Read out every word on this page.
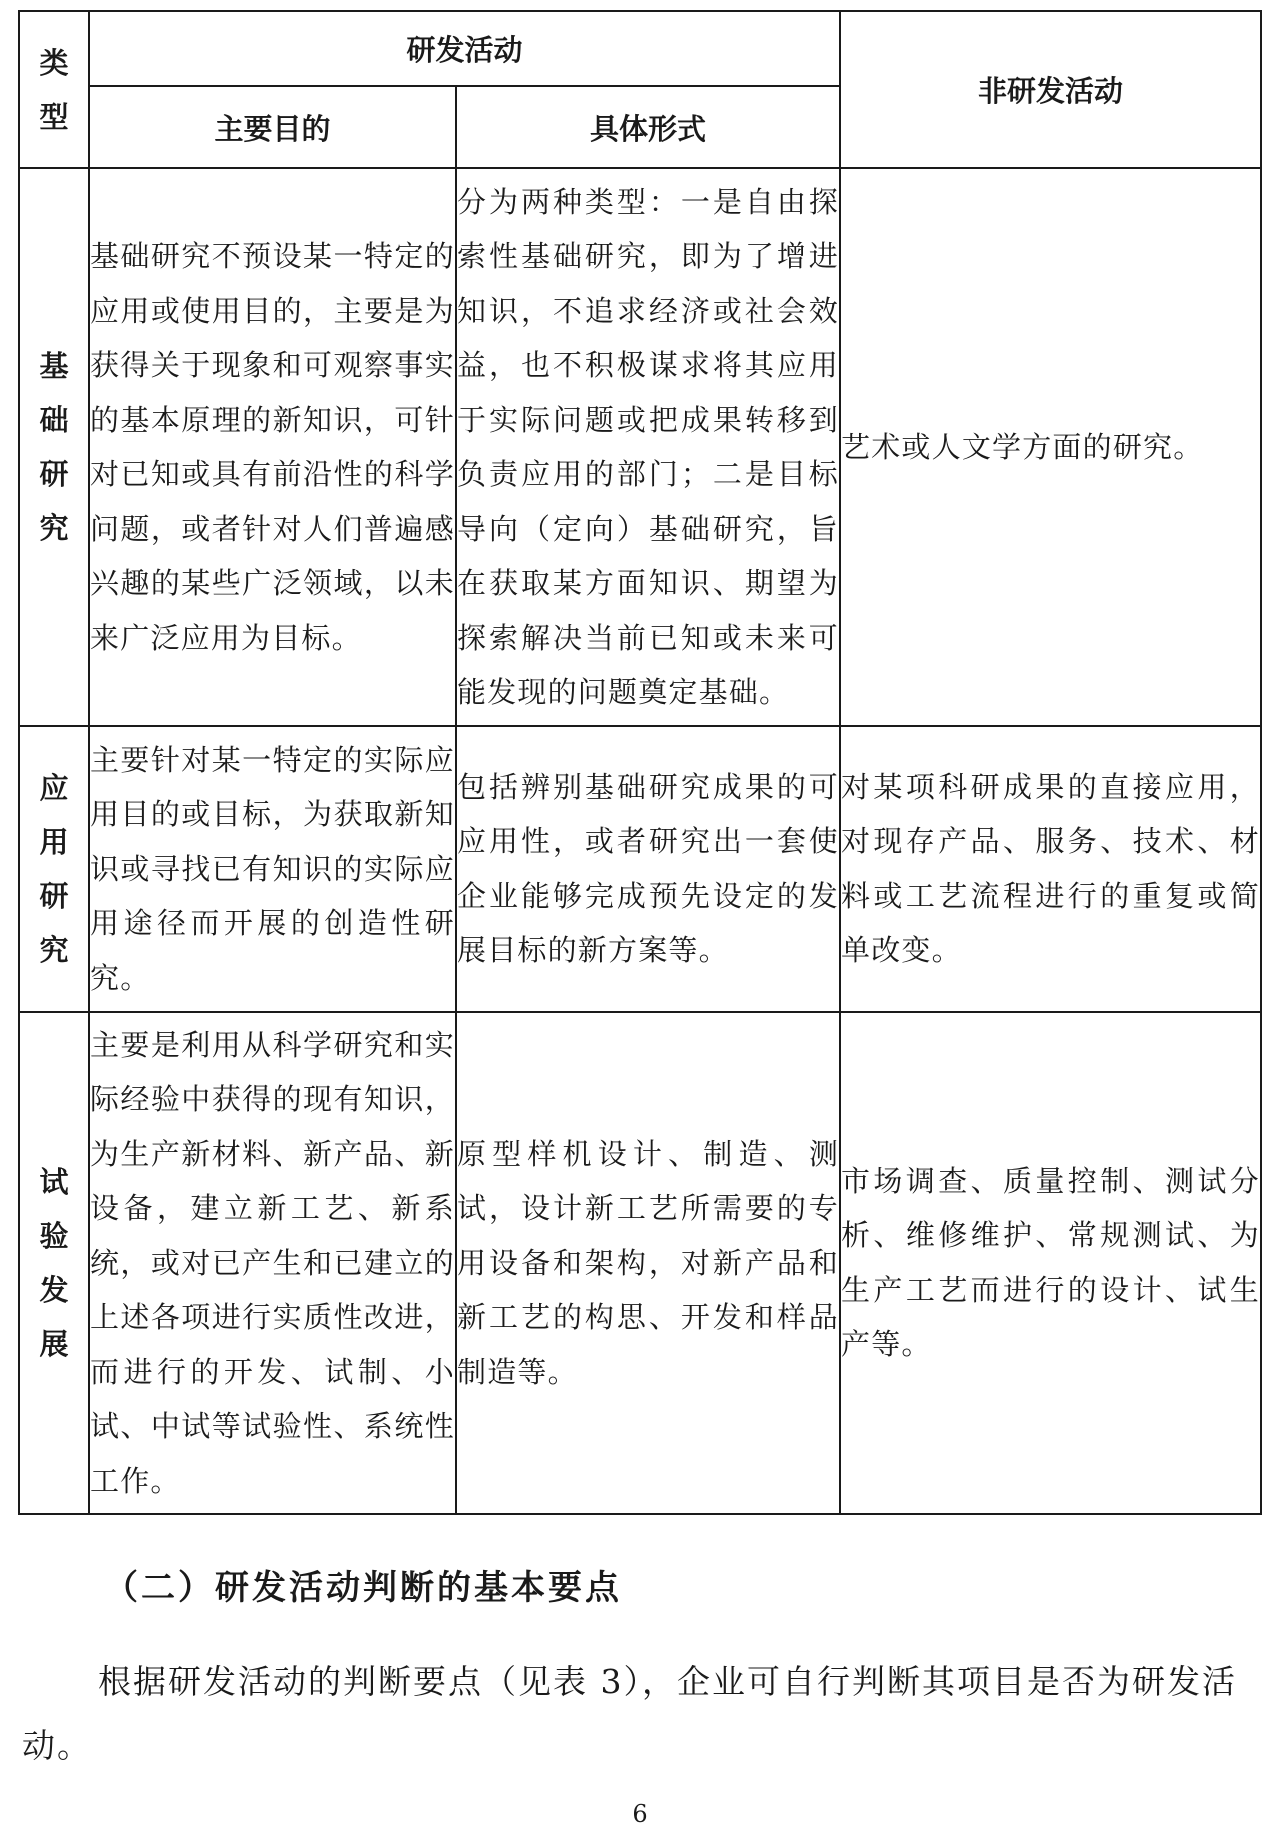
类型	研发活动		非研发活动
	主要目的	具体形式	
基础研究	基础研究不预设某一特定的应用或使用目的，主要是为获得关于现象和可观察事实的基本原理的新知识，可针对已知或具有前沿性的科学问题，或者针对人们普遍感兴趣的某些广泛领域，以未来广泛应用为目标。	分为两种类型：一是自由探索性基础研究，即为了增进知识，不追求经济或社会效益，也不积极谋求将其应用于实际问题或把成果转移到负责应用的部门；二是目标导向（定向）基础研究，旨在获取某方面知识、期望为探索解决当前已知或未来可能发现的问题奠定基础。	艺术或人文学方面的研究。
应用研究	主要针对某一特定的实际应用目的或目标，为获取新知识或寻找已有知识的实际应用途径而开展的创造性研究。	包括辨别基础研究成果的可应用性，或者研究出一套使企业能够完成预先设定的发展目标的新方案等。	对某项科研成果的直接应用，对现存产品、服务、技术、材料或工艺流程进行的重复或简单改变。
试验发展	主要是利用从科学研究和实际经验中获得的现有知识，为生产新材料、新产品、新设备，建立新工艺、新系统，或对已产生和已建立的上述各项进行实质性改进，而进行的开发、试制、小试、中试等试验性、系统性工作。	原型样机设计、制造、测试，设计新工艺所需要的专用设备和架构，对新产品和新工艺的构思、开发和样品制造等。	市场调查、质量控制、测试分析、维修维护、常规测试、为生产工艺而进行的设计、试生产等。
（二）研发活动判断的基本要点
根据研发活动的判断要点（见表 3），企业可自行判断其项目是否为研发活动。
6
